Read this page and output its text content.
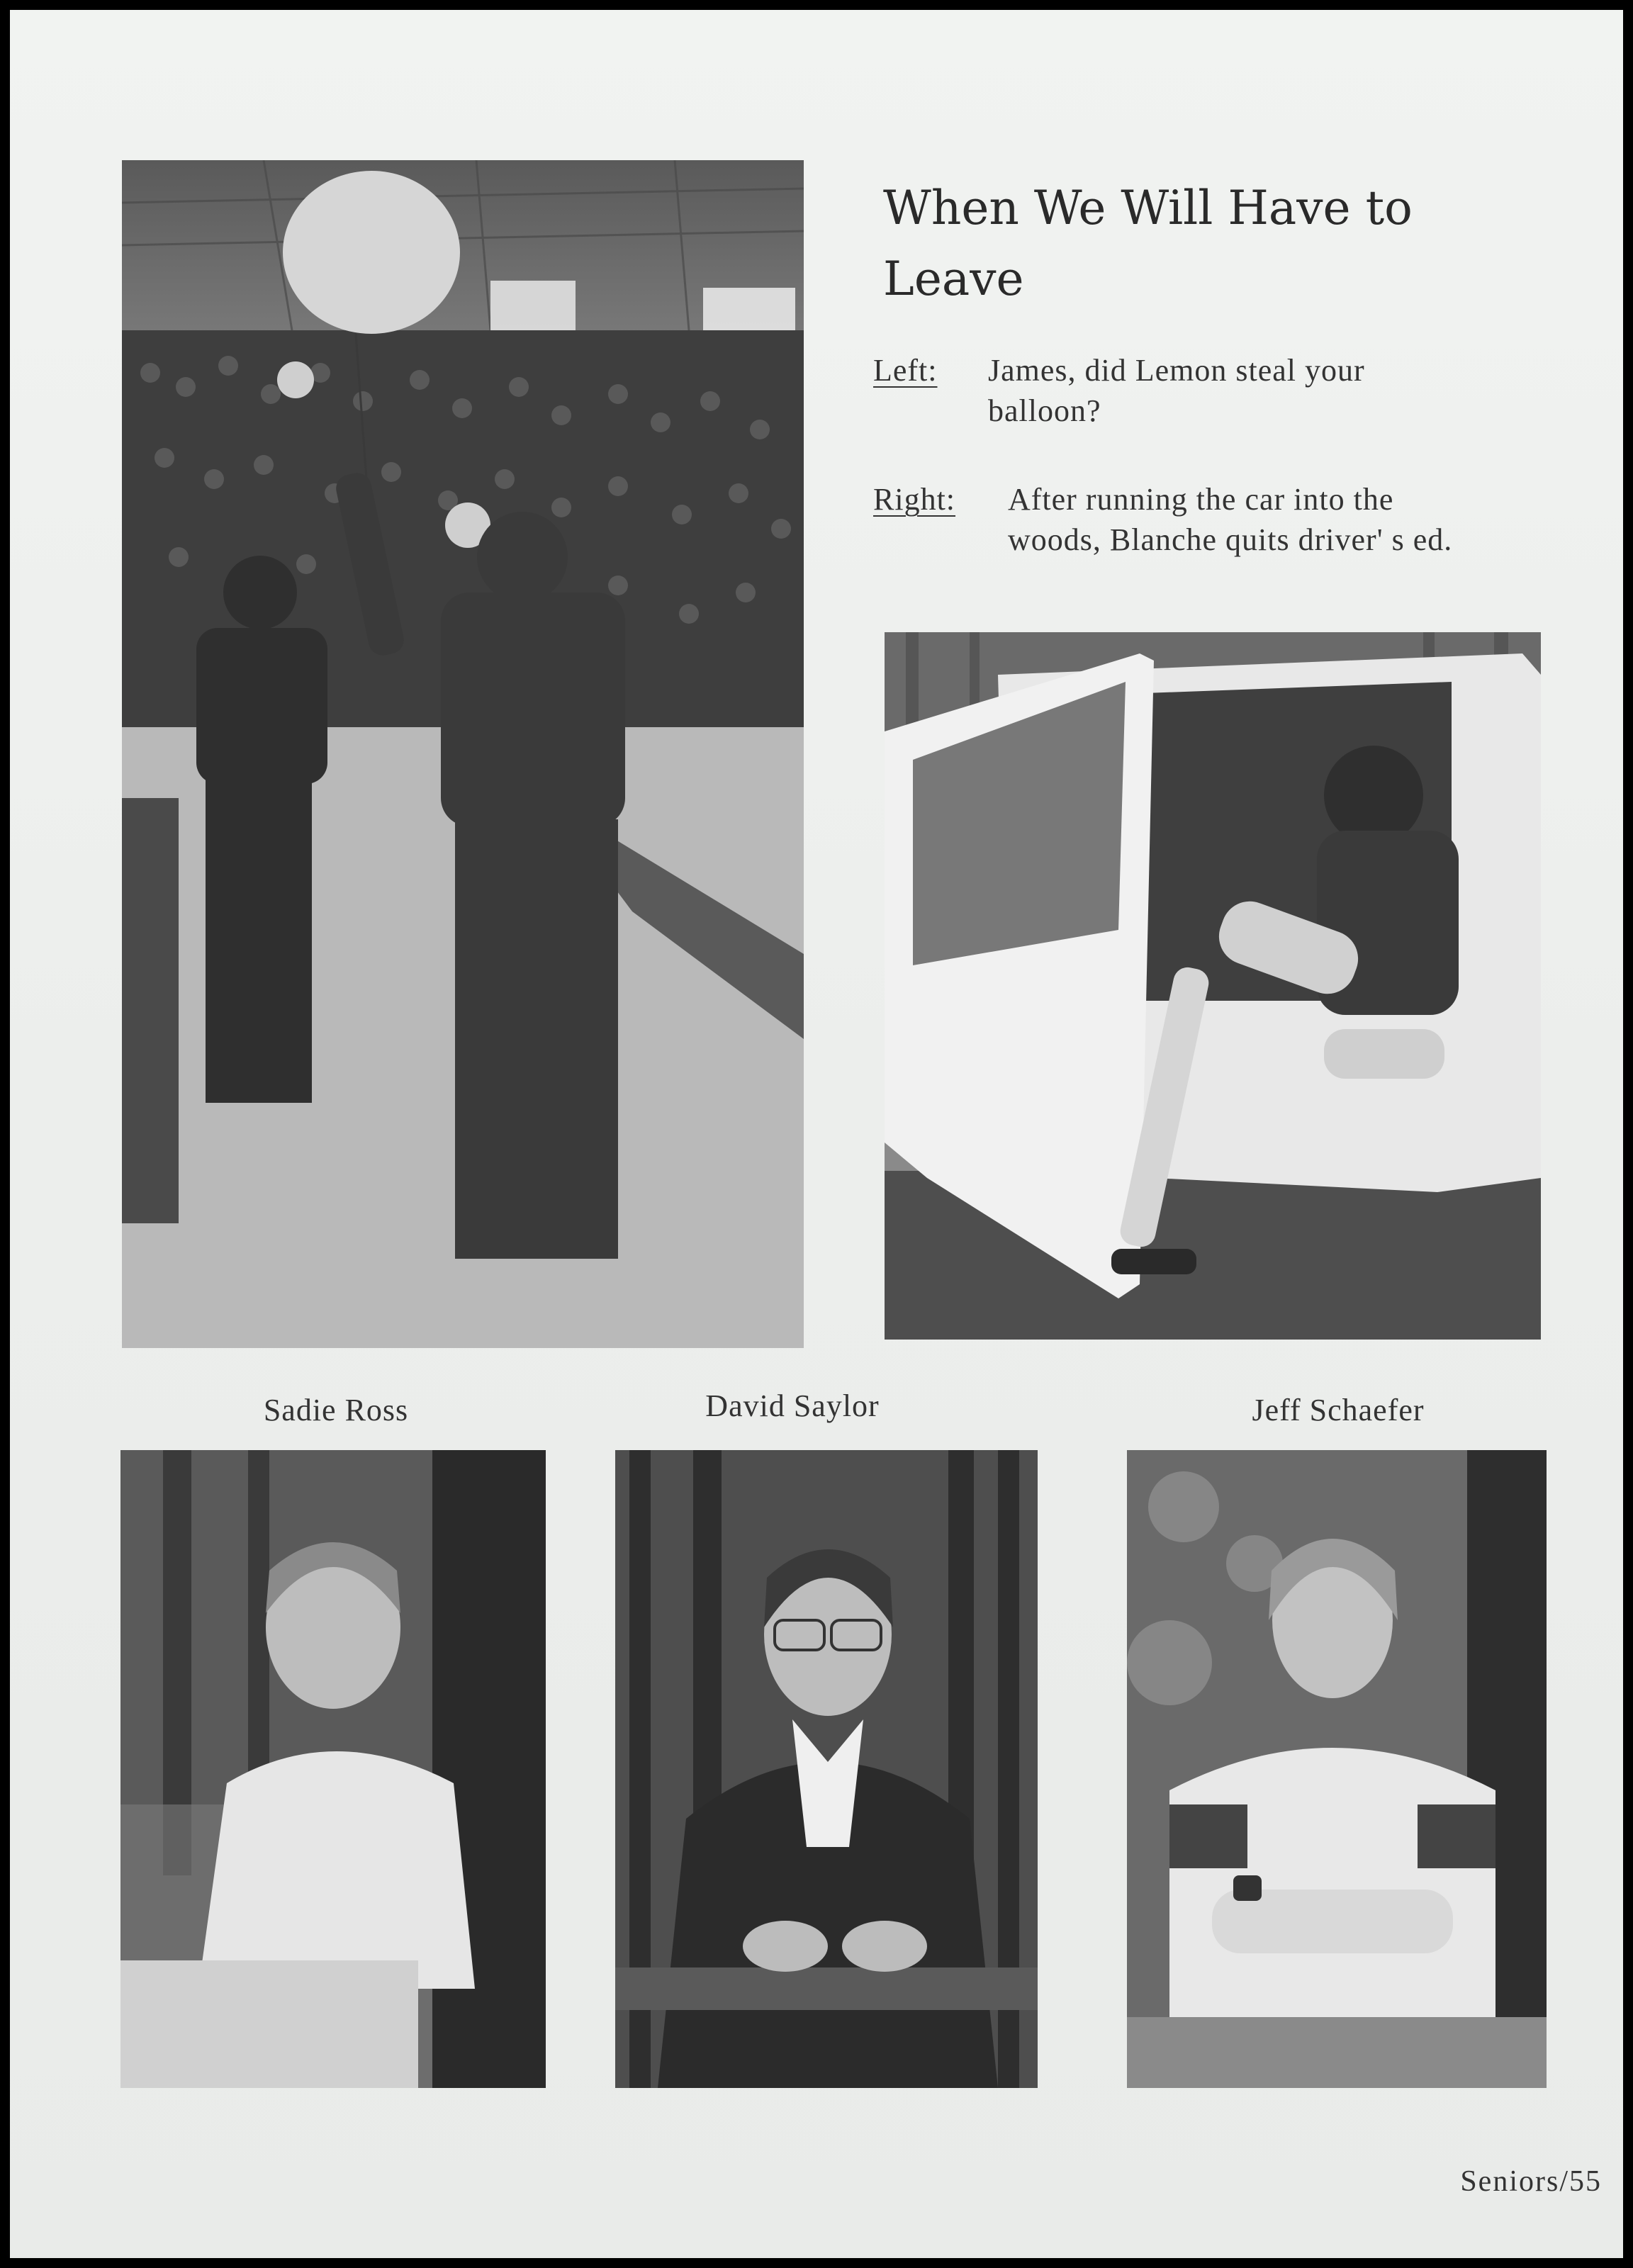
When We Will Have to Leave
Left: James, did Lemon steal your balloon?
Right: After running the car into the woods, Blanche quits driver' s ed.
Sadie Ross	David Saylor	Jeff Schaefer
Seniors/55
